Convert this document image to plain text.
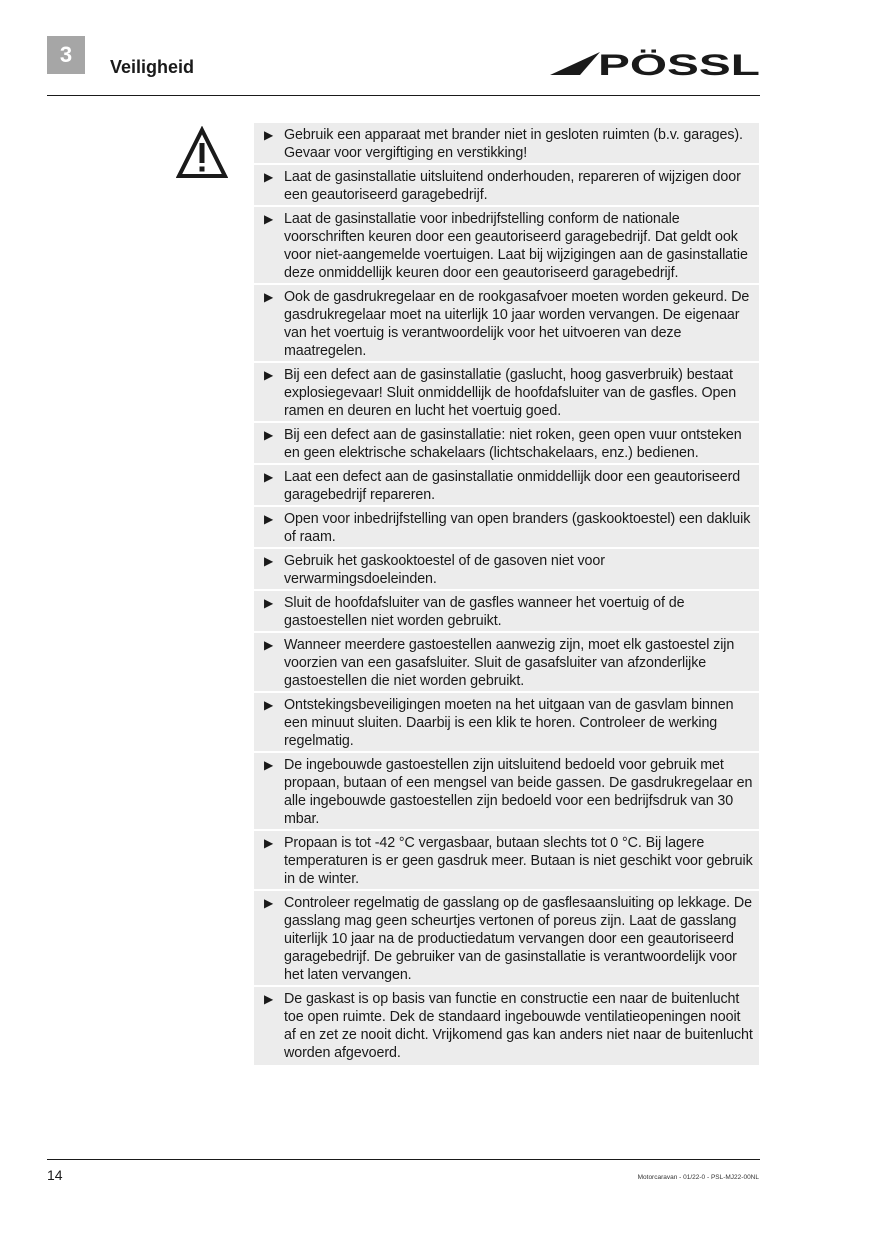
3	Veiligheid	PÖSSL
▶ Gebruik een apparaat met brander niet in gesloten ruimten (b.v. garages). Gevaar voor vergiftiging en verstikking!
▶ Laat de gasinstallatie uitsluitend onderhouden, repareren of wijzigen door een geautoriseerd garagebedrijf.
▶ Laat de gasinstallatie voor inbedrijfstelling conform de nationale voorschriften keuren door een geautoriseerd garagebedrijf. Dat geldt ook voor niet-aangemelde voertuigen. Laat bij wijzigingen aan de gasinstallatie deze onmiddellijk keuren door een geautoriseerd garagebedrijf.
▶ Ook de gasdrukregelaar en de rookgasafvoer moeten worden gekeurd. De gasdrukregelaar moet na uiterlijk 10 jaar worden vervangen. De eigenaar van het voertuig is verantwoordelijk voor het uitvoeren van deze maatregelen.
▶ Bij een defect aan de gasinstallatie (gaslucht, hoog gasverbruik) bestaat explosiegevaar! Sluit onmiddellijk de hoofdafsluiter van de gasfles. Open ramen en deuren en lucht het voertuig goed.
▶ Bij een defect aan de gasinstallatie: niet roken, geen open vuur ontsteken en geen elektrische schakelaars (lichtschakelaars, enz.) bedienen.
▶ Laat een defect aan de gasinstallatie onmiddellijk door een geautoriseerd garagebedrijf repareren.
▶ Open voor inbedrijfstelling van open branders (gaskooktoestel) een dakluik of raam.
▶ Gebruik het gaskooktoestel of de gasoven niet voor verwarmingsdoeleinden.
▶ Sluit de hoofdafsluiter van de gasfles wanneer het voertuig of de gastoestellen niet worden gebruikt.
▶ Wanneer meerdere gastoestellen aanwezig zijn, moet elk gastoestel zijn voorzien van een gasafsluiter. Sluit de gasafsluiter van afzonderlijke gastoestellen die niet worden gebruikt.
▶ Ontstekingsbeveiligingen moeten na het uitgaan van de gasvlam binnen een minuut sluiten. Daarbij is een klik te horen. Controleer de werking regelmatig.
▶ De ingebouwde gastoestellen zijn uitsluitend bedoeld voor gebruik met propaan, butaan of een mengsel van beide gassen. De gasdrukregelaar en alle ingebouwde gastoestellen zijn bedoeld voor een bedrijfsdruk van 30 mbar.
▶ Propaan is tot -42 °C vergasbaar, butaan slechts tot 0 °C. Bij lagere temperaturen is er geen gasdruk meer. Butaan is niet geschikt voor gebruik in de winter.
▶ Controleer regelmatig de gasslang op de gasflesaansluiting op lekkage. De gasslang mag geen scheurtjes vertonen of poreus zijn. Laat de gasslang uiterlijk 10 jaar na de productiedatum vervangen door een geautoriseerd garagebedrijf. De gebruiker van de gasinstallatie is verantwoordelijk voor het laten vervangen.
▶ De gaskast is op basis van functie en constructie een naar de buitenlucht toe open ruimte. Dek de standaard ingebouwde ventilatieopeningen nooit af en zet ze nooit dicht. Vrijkomend gas kan anders niet naar de buitenlucht worden afgevoerd.
14	Motorcaravan - 01/22-0 - PSL-MJ22-00NL
